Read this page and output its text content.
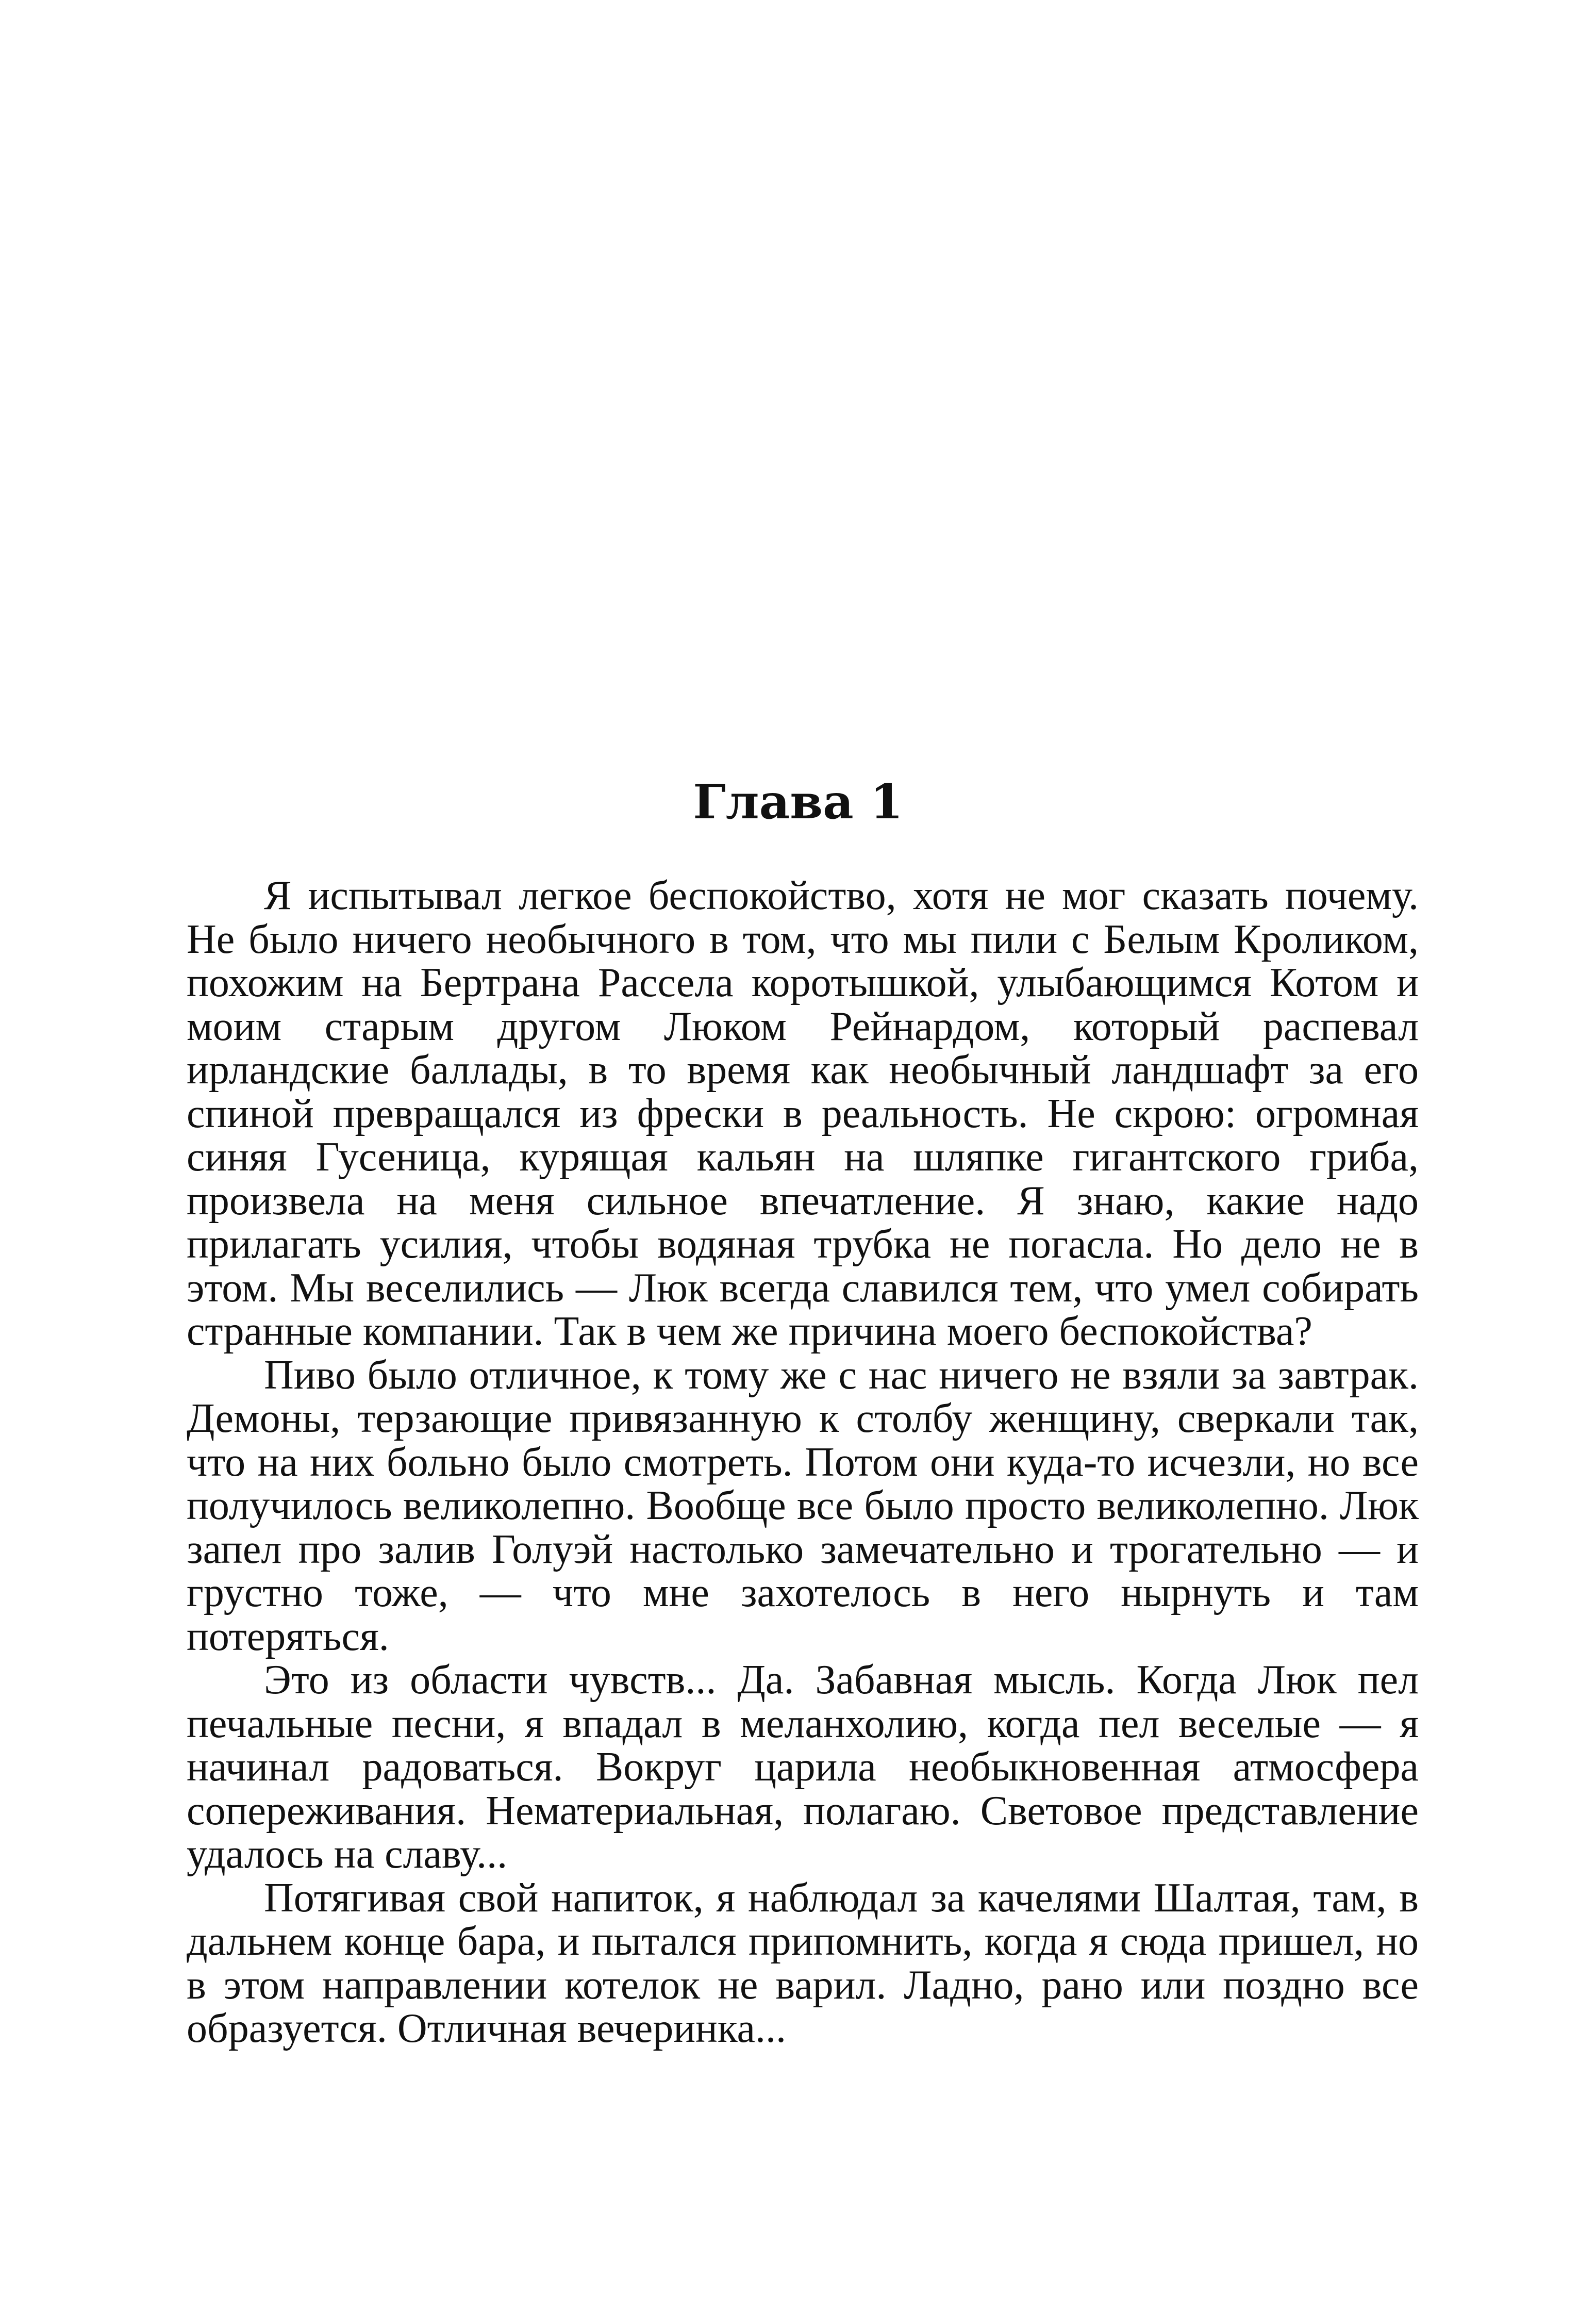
Глава 1

Я испытывал легкое беспокойство, хотя не мог сказать почему. Не было ничего необычного в том, что мы пили с Белым Кроликом, похожим на Бертрана Рассела коротышкой, улыбающимся Котом и моим старым другом Люком Рейнардом, который распевал ирландские баллады, в то время как необычный ландшафт за его спиной превращался из фрески в реальность. Не скрою: огромная синяя Гусеница, курящая кальян на шляпке гигантского гриба, произвела на меня сильное впечатление. Я знаю, какие надо прилагать усилия, чтобы водяная трубка не погасла. Но дело не в этом. Мы веселились — Люк всегда славился тем, что умел собирать странные компании. Так в чем же причина моего беспокойства?

Пиво было отличное, к тому же с нас ничего не взяли за завтрак. Демоны, терзающие привязанную к столбу женщину, сверкали так, что на них больно было смотреть. Потом они куда-то исчезли, но все получилось великолепно. Вообще все было просто великолепно. Люк запел про залив Голуэй настолько замечательно и трогательно — и грустно тоже, — что мне захотелось в него нырнуть и там потеряться.

Это из области чувств... Да. Забавная мысль. Когда Люк пел печальные песни, я впадал в меланхолию, когда пел веселые — я начинал радоваться. Вокруг царила необыкновенная атмосфера сопереживания. Нематериальная, полагаю. Световое представление удалось на славу...

Потягивая свой напиток, я наблюдал за качелями Шалтая, там, в дальнем конце бара, и пытался припомнить, когда я сюда пришел, но в этом направлении котелок не варил. Ладно, рано или поздно все образуется. Отличная вечеринка...
